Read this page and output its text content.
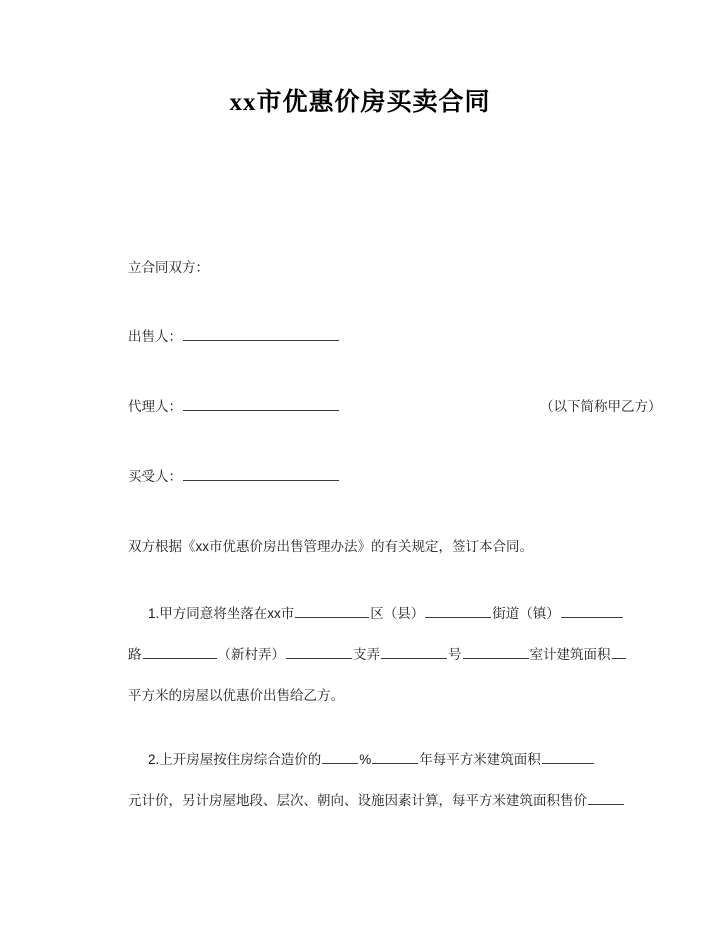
xx市优惠价房买卖合同
立合同双方：
出售人：
代理人：	（以下简称甲乙方）
买受人：
双方根据《xx市优惠价房出售管理办法》的有关规定，签订本合同。
1.甲方同意将坐落在xx市	区（县）	街道（镇）
路	（新村弄）	支弄	号	室计建筑面积
平方米的房屋以优惠价出售给乙方。
2.上开房屋按住房综合造价的	%	年每平方米建筑面积
元计价，另计房屋地段、层次、朝向、设施因素计算，每平方米建筑面积售价
